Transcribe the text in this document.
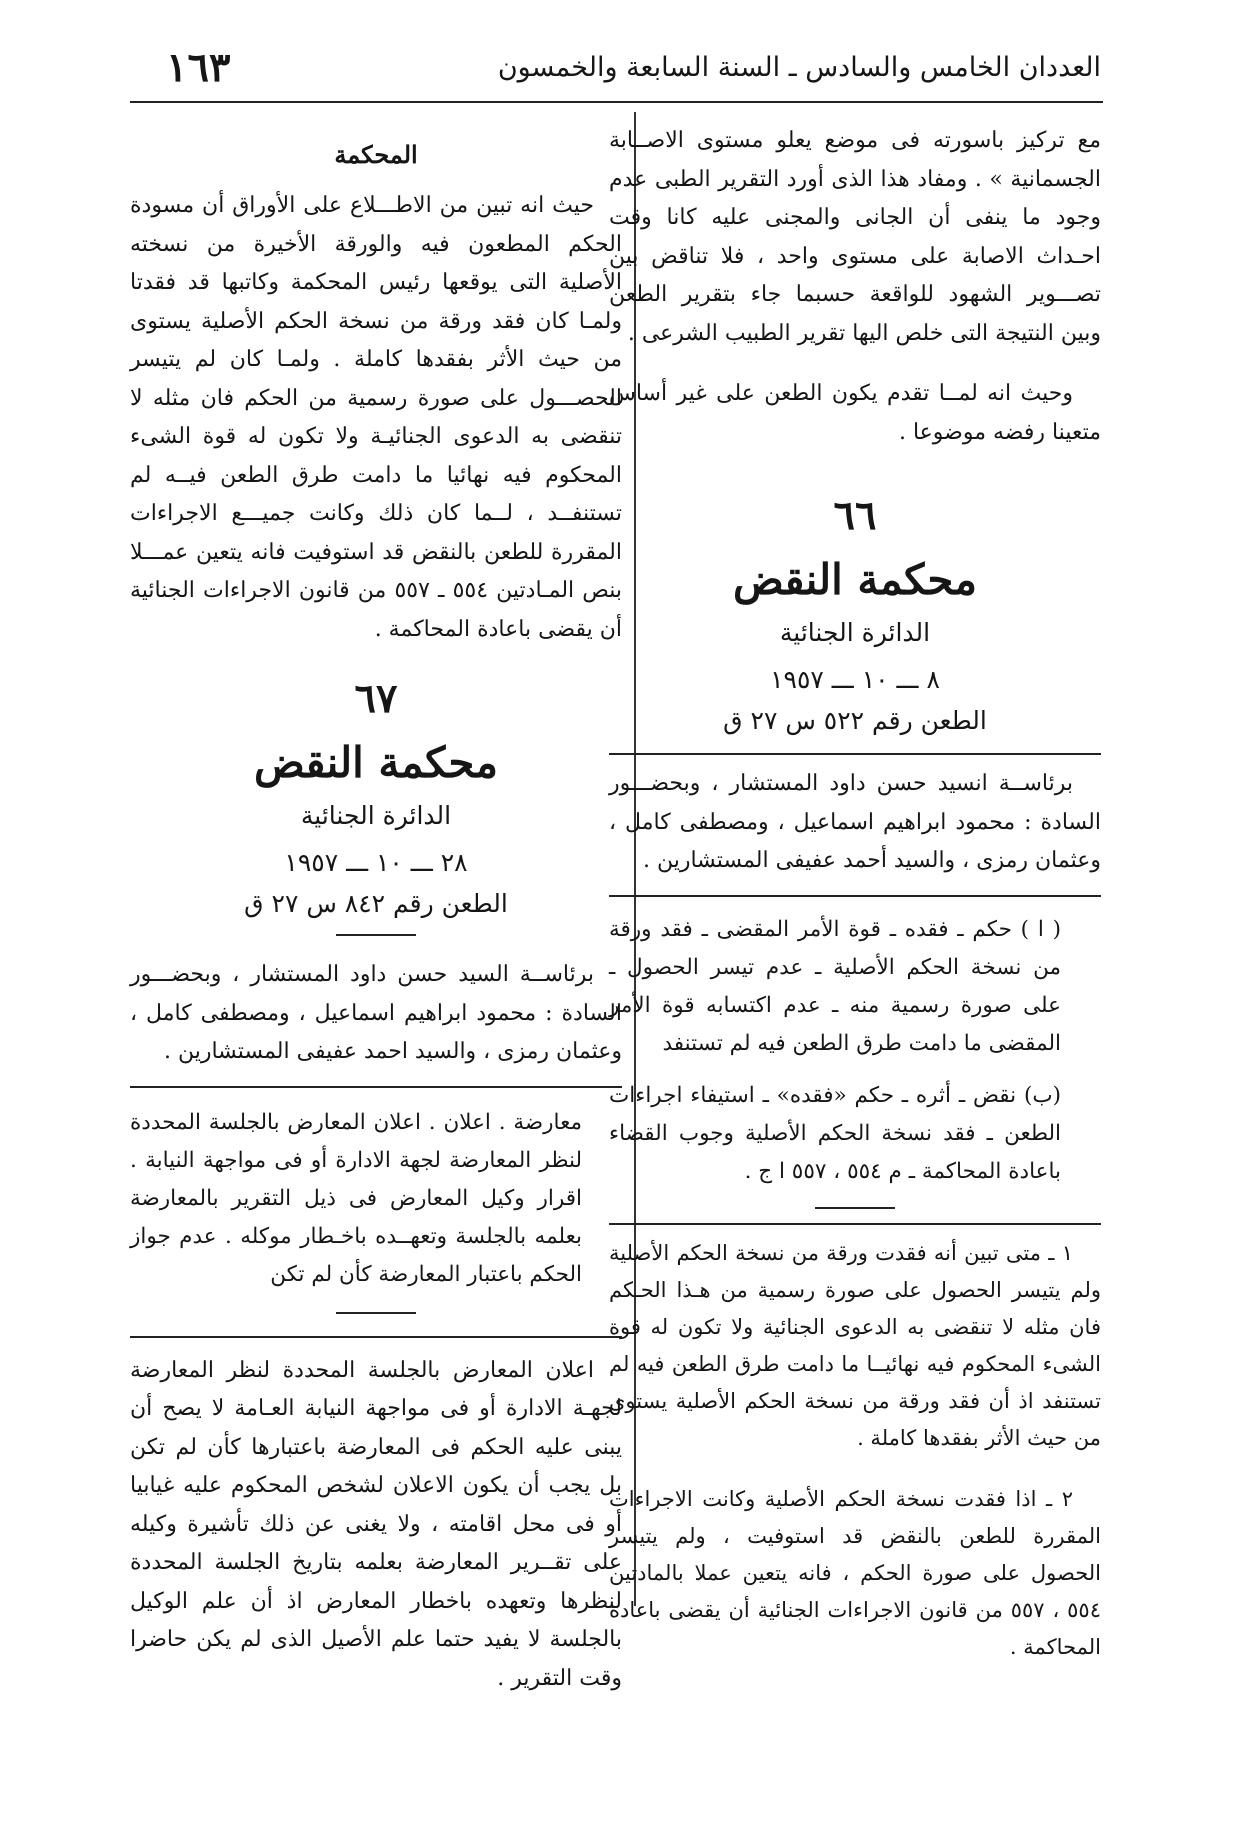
العددان الخامس والسادس ـ السنة السابعة والخمسون
١٦٣

مع تركيز باسورته فى موضع يعلو مستوى الاصــابة الجسمانية » . ومفاد هذا الذى أورد التقرير الطبى عدم وجود ما ينفى أن الجانى والمجنى عليه كانا وقت احـداث الاصابة على مستوى واحد ، فلا تناقض بين تصـــوير الشهود للواقعة حسبما جاء بتقرير الطعن وبين النتيجة التى خلص اليها تقرير الطبيب الشرعى .

وحيث انه لمــا تقدم يكون الطعن على غير أساس متعينا رفضه موضوعا .

٦٦

محكمة النقض

الدائرة الجنائية

٨ ـــ ١٠ ـــ ١٩٥٧

الطعن رقم ٥٢٢ س ٢٧ ق

برئاســة انسيد حسن داود المستشار ، وبحضـــور السادة : محمود ابراهيم اسماعيل ، ومصطفى كامل ، وعثمان رمزى ، والسيد أحمد عفيفى المستشارين .

( ا ) حكم ـ فقده ـ قوة الأمر المقضى ـ فقد ورقة من نسخة الحكم الأصلية ـ عدم تيسر الحصول ـ على صورة رسمية منه ـ عدم اكتسابه قوة الأمر المقضى ما دامت طرق الطعن فيه لم تستنفد

(ب) نقض ـ أثره ـ حكم «فقده» ـ استيفاء اجراءات الطعن ـ فقد نسخة الحكم الأصلية وجوب القضاء باعادة المحاكمة ـ م ٥٥٤ ، ٥٥٧ ا ج .

١ ـ متى تبين أنه فقدت ورقة من نسخة الحكم الأصلية ولم يتيسر الحصول على صورة رسمية من هـذا الحـكم فان مثله لا تنقضى به الدعوى الجنائية ولا تكون له قوة الشىء المحكوم فيه نهائيــا ما دامت طرق الطعن فيه لم تستنفد اذ أن فقد ورقة من نسخة الحكم الأصلية يستوى من حيث الأثر بفقدها كاملة .

٢ ـ اذا فقدت نسخة الحكم الأصلية وكانت الاجراءات المقررة للطعن بالنقض قد استوفيت ، ولم يتيسر الحصول على صورة الحكم ، فانه يتعين عملا بالمادتين ٥٥٤ ، ٥٥٧ من قانون الاجراءات الجنائية أن يقضى باعادة المحاكمة .

المحكمة

حيث انه تبين من الاطـــلاع على الأوراق أن مسودة الحكم المطعون فيه والورقة الأخيرة من نسخته الأصلية التى يوقعها رئيس المحكمة وكاتبها قد فقدتا ولمـا كان فقد ورقة من نسخة الحكم الأصلية يستوى من حيث الأثر بفقدها كاملة . ولمـا كان لم يتيسر الحصـــول على صورة رسمية من الحكم فان مثله لا تنقضى به الدعوى الجنائيـة ولا تكون له قوة الشىء المحكوم فيه نهائيا ما دامت طرق الطعن فيــه لم تستنفــد ، لــما كان ذلك وكانت جميـــع الاجراءات المقررة للطعن بالنقض قد استوفيت فانه يتعين عمـــلا بنص المـادتين ٥٥٤ ـ ٥٥٧ من قانون الاجراءات الجنائية أن يقضى باعادة المحاكمة .

٦٧

محكمة النقض

الدائرة الجنائية

٢٨ ـــ ١٠ ـــ ١٩٥٧

الطعن رقم ٨٤٢ س ٢٧ ق

برئاســة السيد حسن داود المستشار ، وبحضـــور السادة : محمود ابراهيم اسماعيل ، ومصطفى كامل ، وعثمان رمزى ، والسيد احمد عفيفى المستشارين .

معارضة . اعلان . اعلان المعارض بالجلسة المحددة لنظر المعارضة لجهة الادارة أو فى مواجهة النيابة . اقرار وكيل المعارض فى ذيل التقرير بالمعارضة بعلمه بالجلسة وتعهــده باخـطار موكله . عدم جواز الحكم باعتبار المعارضة كأن لم تكن

اعلان المعارض بالجلسة المحددة لنظر المعارضة لجهـة الادارة أو فى مواجهة النيابة العـامة لا يصح أن يبنى عليه الحكم فى المعارضة باعتبارها كأن لم تكن بل يجب أن يكون الاعلان لشخص المحكوم عليه غيابيا أو فى محل اقامته ، ولا يغنى عن ذلك تأشيرة وكيله على تقــرير المعارضة بعلمه بتاريخ الجلسة المحددة لنظرها وتعهده باخطار المعارض اذ أن علم الوكيل بالجلسة لا يفيد حتما علم الأصيل الذى لم يكن حاضرا وقت التقرير .
